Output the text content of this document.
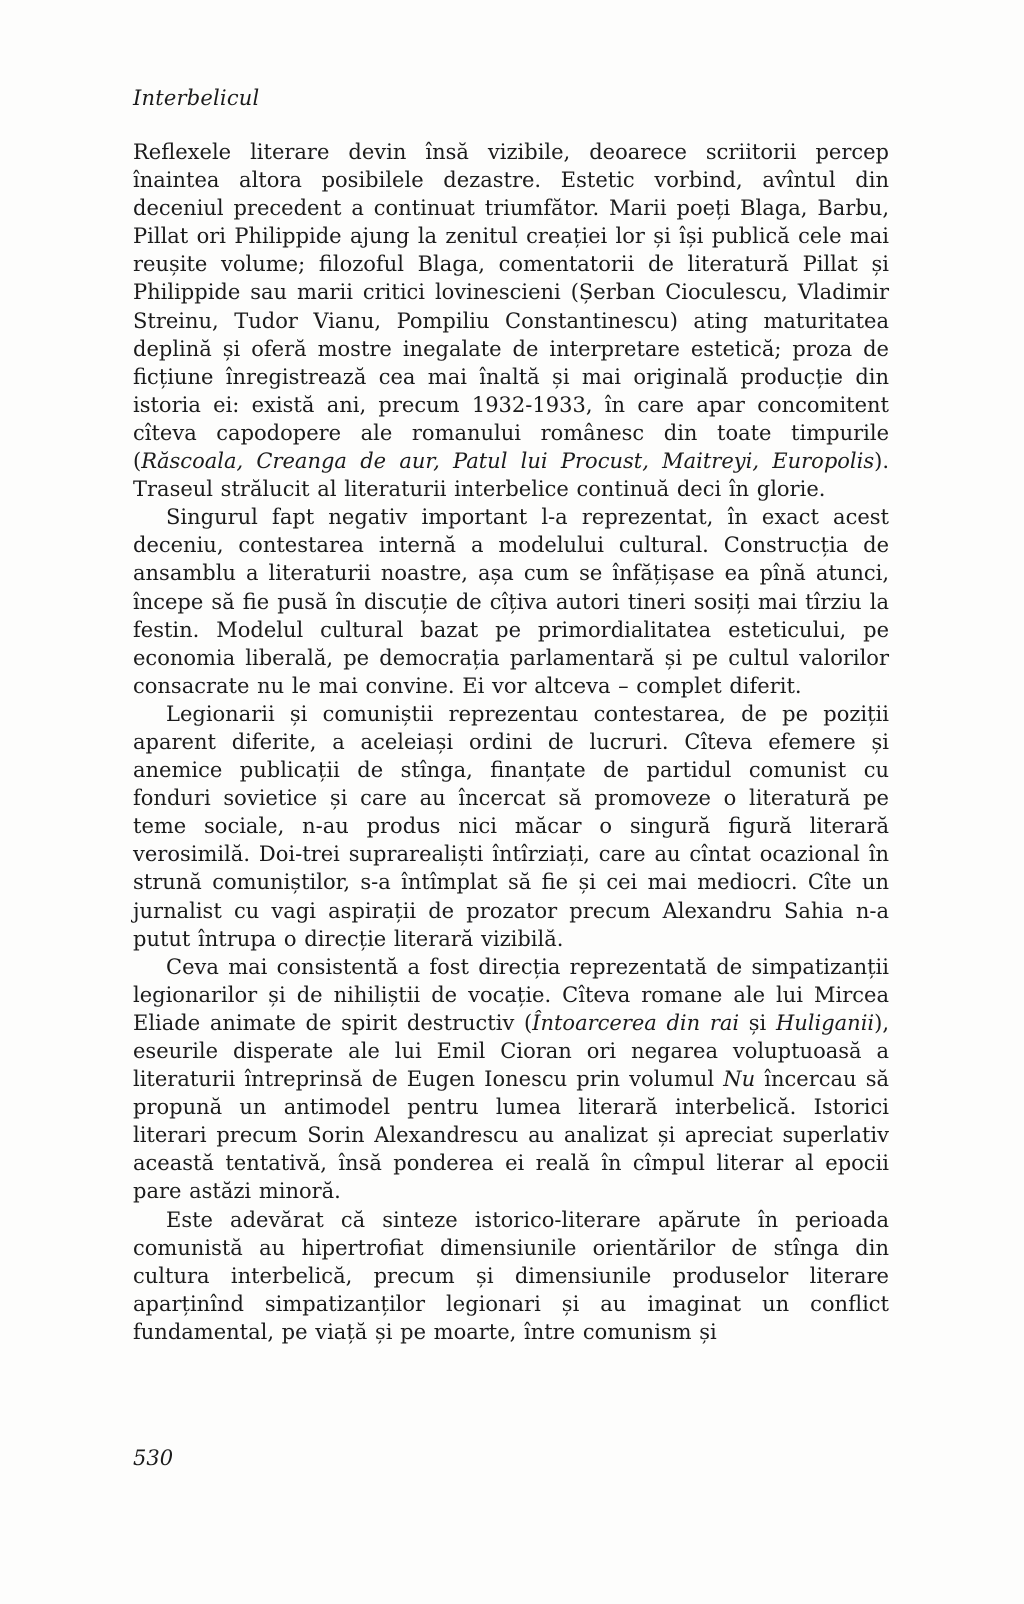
Interbelicul

Reflexele literare devin însă vizibile, deoarece scriitorii percep înaintea altora posibilele dezastre. Estetic vorbind, avîntul din deceniul precedent a continuat triumfător. Marii poeți Blaga, Barbu, Pillat ori Philippide ajung la zenitul creației lor și își publică cele mai reușite volume; filozoful Blaga, comentatorii de literatură Pillat și Philippide sau marii critici lovinescieni (Șerban Cioculescu, Vladimir Streinu, Tudor Vianu, Pompiliu Constantinescu) ating maturitatea deplină și oferă mostre inegalate de interpretare estetică; proza de ficțiune înregistrează cea mai înaltă și mai originală producție din istoria ei: există ani, precum 1932-1933, în care apar concomitent cîteva capodopere ale romanului românesc din toate timpurile (Răscoala, Creanga de aur, Patul lui Procust, Maitreyi, Europolis). Traseul strălucit al literaturii interbelice continuă deci în glorie.

Singurul fapt negativ important l-a reprezentat, în exact acest deceniu, contestarea internă a modelului cultural. Construcția de ansamblu a literaturii noastre, așa cum se înfățișase ea pînă atunci, începe să fie pusă în discuție de cîțiva autori tineri sosiți mai tîrziu la festin. Modelul cultural bazat pe primordialitatea esteticului, pe economia liberală, pe democrația parlamentară și pe cultul valorilor consacrate nu le mai convine. Ei vor altceva – complet diferit.

Legionarii și comuniștii reprezentau contestarea, de pe poziții aparent diferite, a aceleiași ordini de lucruri. Cîteva efemere și anemice publicații de stînga, finanțate de partidul comunist cu fonduri sovietice și care au încercat să promoveze o literatură pe teme sociale, n-au produs nici măcar o singură figură literară verosimilă. Doi-trei suprarealiști întîrziați, care au cîntat ocazional în strună comuniștilor, s-a întîmplat să fie și cei mai mediocri. Cîte un jurnalist cu vagi aspirații de prozator precum Alexandru Sahia n-a putut întrupa o direcție literară vizibilă.

Ceva mai consistentă a fost direcția reprezentată de simpatizanții legionarilor și de nihiliștii de vocație. Cîteva romane ale lui Mircea Eliade animate de spirit destructiv (Întoarcerea din rai și Huliganii), eseurile disperate ale lui Emil Cioran ori negarea voluptuoasă a literaturii întreprinsă de Eugen Ionescu prin volumul Nu încercau să propună un antimodel pentru lumea literară interbelică. Istorici literari precum Sorin Alexandrescu au analizat și apreciat superlativ această tentativă, însă ponderea ei reală în cîmpul literar al epocii pare astăzi minoră.

Este adevărat că sinteze istorico-literare apărute în perioada comunistă au hipertrofiat dimensiunile orientărilor de stînga din cultura interbelică, precum și dimensiunile produselor literare aparținînd simpatizanților legionari și au imaginat un conflict fundamental, pe viață și pe moarte, între comunism și

530
